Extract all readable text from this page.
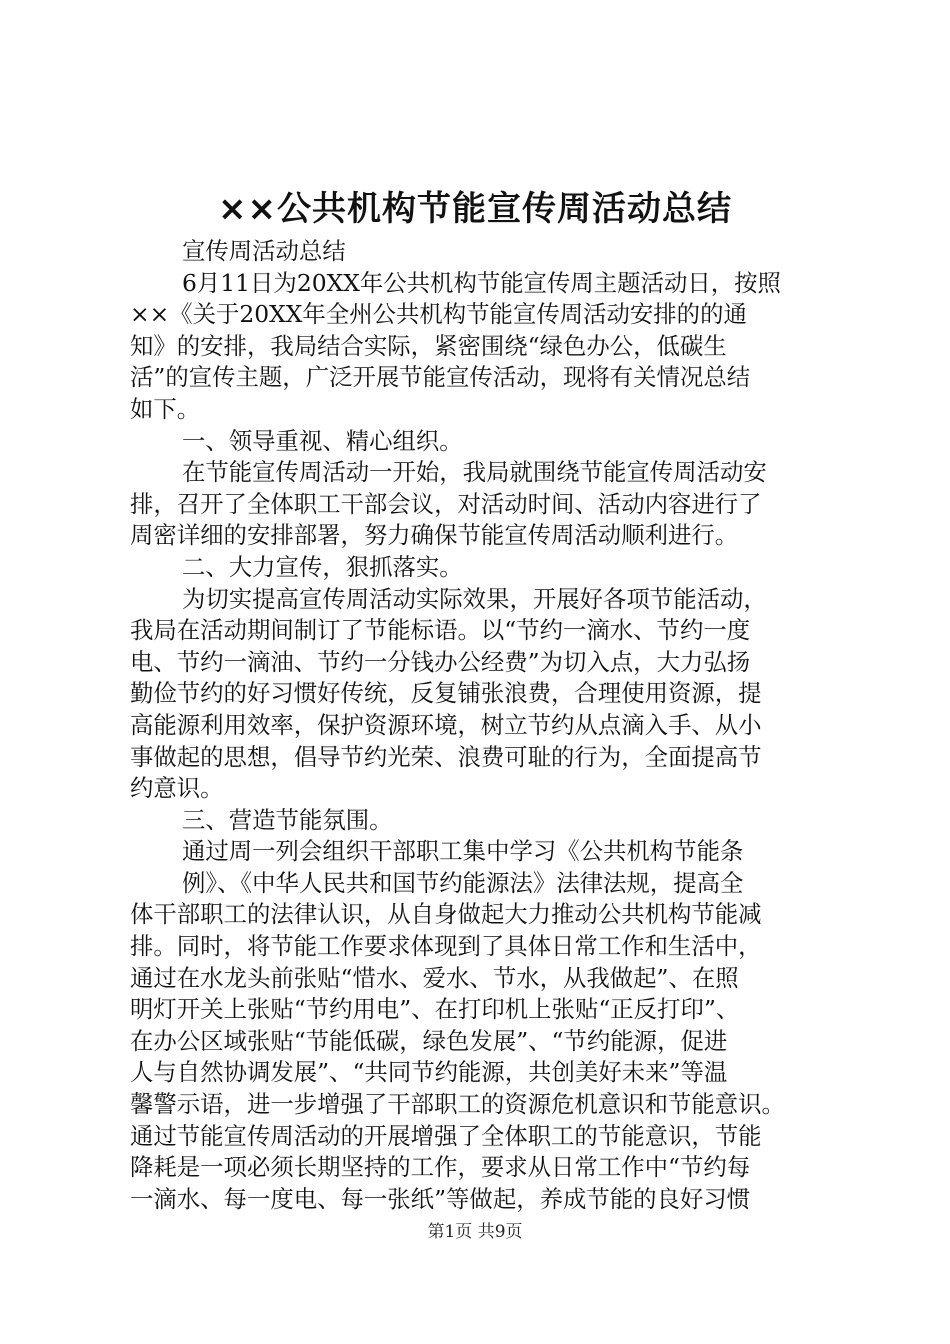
××公共机构节能宣传周活动总结
宣传周活动总结
6月11日为20XX年公共机构节能宣传周主题活动日，按照
××《关于20XX年全州公共机构节能宣传周活动安排的的通
知》的安排，我局结合实际，紧密围绕“绿色办公，低碳生
活”的宣传主题，广泛开展节能宣传活动，现将有关情况总结
如下。
一、领导重视、精心组织。
在节能宣传周活动一开始，我局就围绕节能宣传周活动安
排，召开了全体职工干部会议，对活动时间、活动内容进行了
周密详细的安排部署，努力确保节能宣传周活动顺利进行。
二、大力宣传，狠抓落实。
为切实提高宣传周活动实际效果，开展好各项节能活动，
我局在活动期间制订了节能标语。以“节约一滴水、节约一度
电、节约一滴油、节约一分钱办公经费”为切入点，大力弘扬
勤俭节约的好习惯好传统，反复铺张浪费，合理使用资源，提
高能源利用效率，保护资源环境，树立节约从点滴入手、从小
事做起的思想，倡导节约光荣、浪费可耻的行为，全面提高节
约意识。
三、营造节能氛围。
通过周一列会组织干部职工集中学习《公共机构节能条
例》、《中华人民共和国节约能源法》法律法规，提高全
体干部职工的法律认识，从自身做起大力推动公共机构节能减
排。同时，将节能工作要求体现到了具体日常工作和生活中，
通过在水龙头前张贴“惜水、爱水、节水，从我做起”、在照
明灯开关上张贴“节约用电”、在打印机上张贴“正反打印”、
在办公区域张贴“节能低碳，绿色发展”、“节约能源，促进
人与自然协调发展”、“共同节约能源，共创美好未来”等温
馨警示语，进一步增强了干部职工的资源危机意识和节能意识。
通过节能宣传周活动的开展增强了全体职工的节能意识，节能
降耗是一项必须长期坚持的工作，要求从日常工作中“节约每
一滴水、每一度电、每一张纸”等做起，养成节能的良好习惯
第1页 共9页
